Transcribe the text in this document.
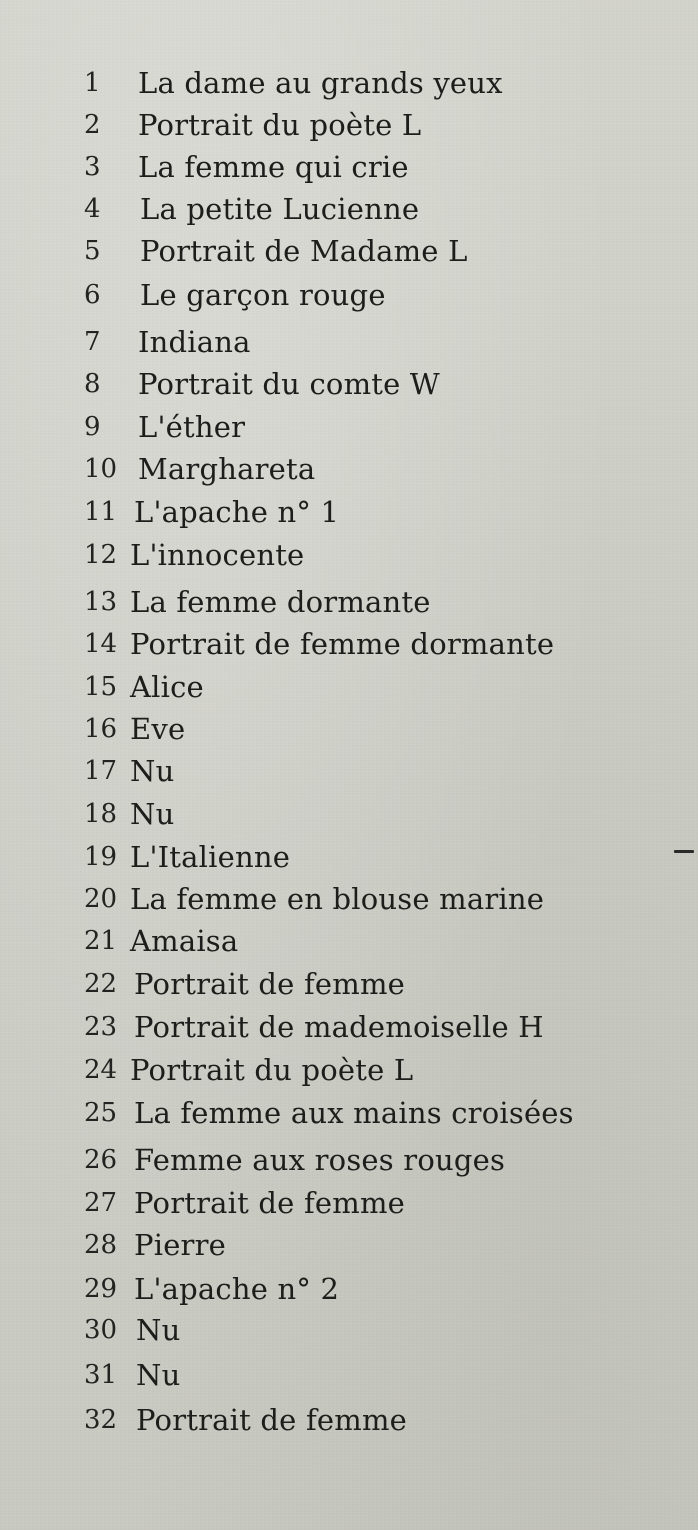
1 La dame au grands yeux
2 Portrait du poète L
3 La femme qui crie
4 La petite Lucienne
5 Portrait de Madame L
6 Le garçon rouge
7 Indiana
8 Portrait du comte W
9 L'éther
10 Marghareta
11 L'apache n° 1
12 L'innocente
13 La femme dormante
14 Portrait de femme dormante
15 Alice
16 Eve
17 Nu
18 Nu
19 L'Italienne
20 La femme en blouse marine
21 Amaisa
22 Portrait de femme
23 Portrait de mademoiselle H
24 Portrait du poète L
25 La femme aux mains croisées
26 Femme aux roses rouges
27 Portrait de femme
28 Pierre
29 L'apache n° 2
30 Nu
31 Nu
32 Portrait de femme
